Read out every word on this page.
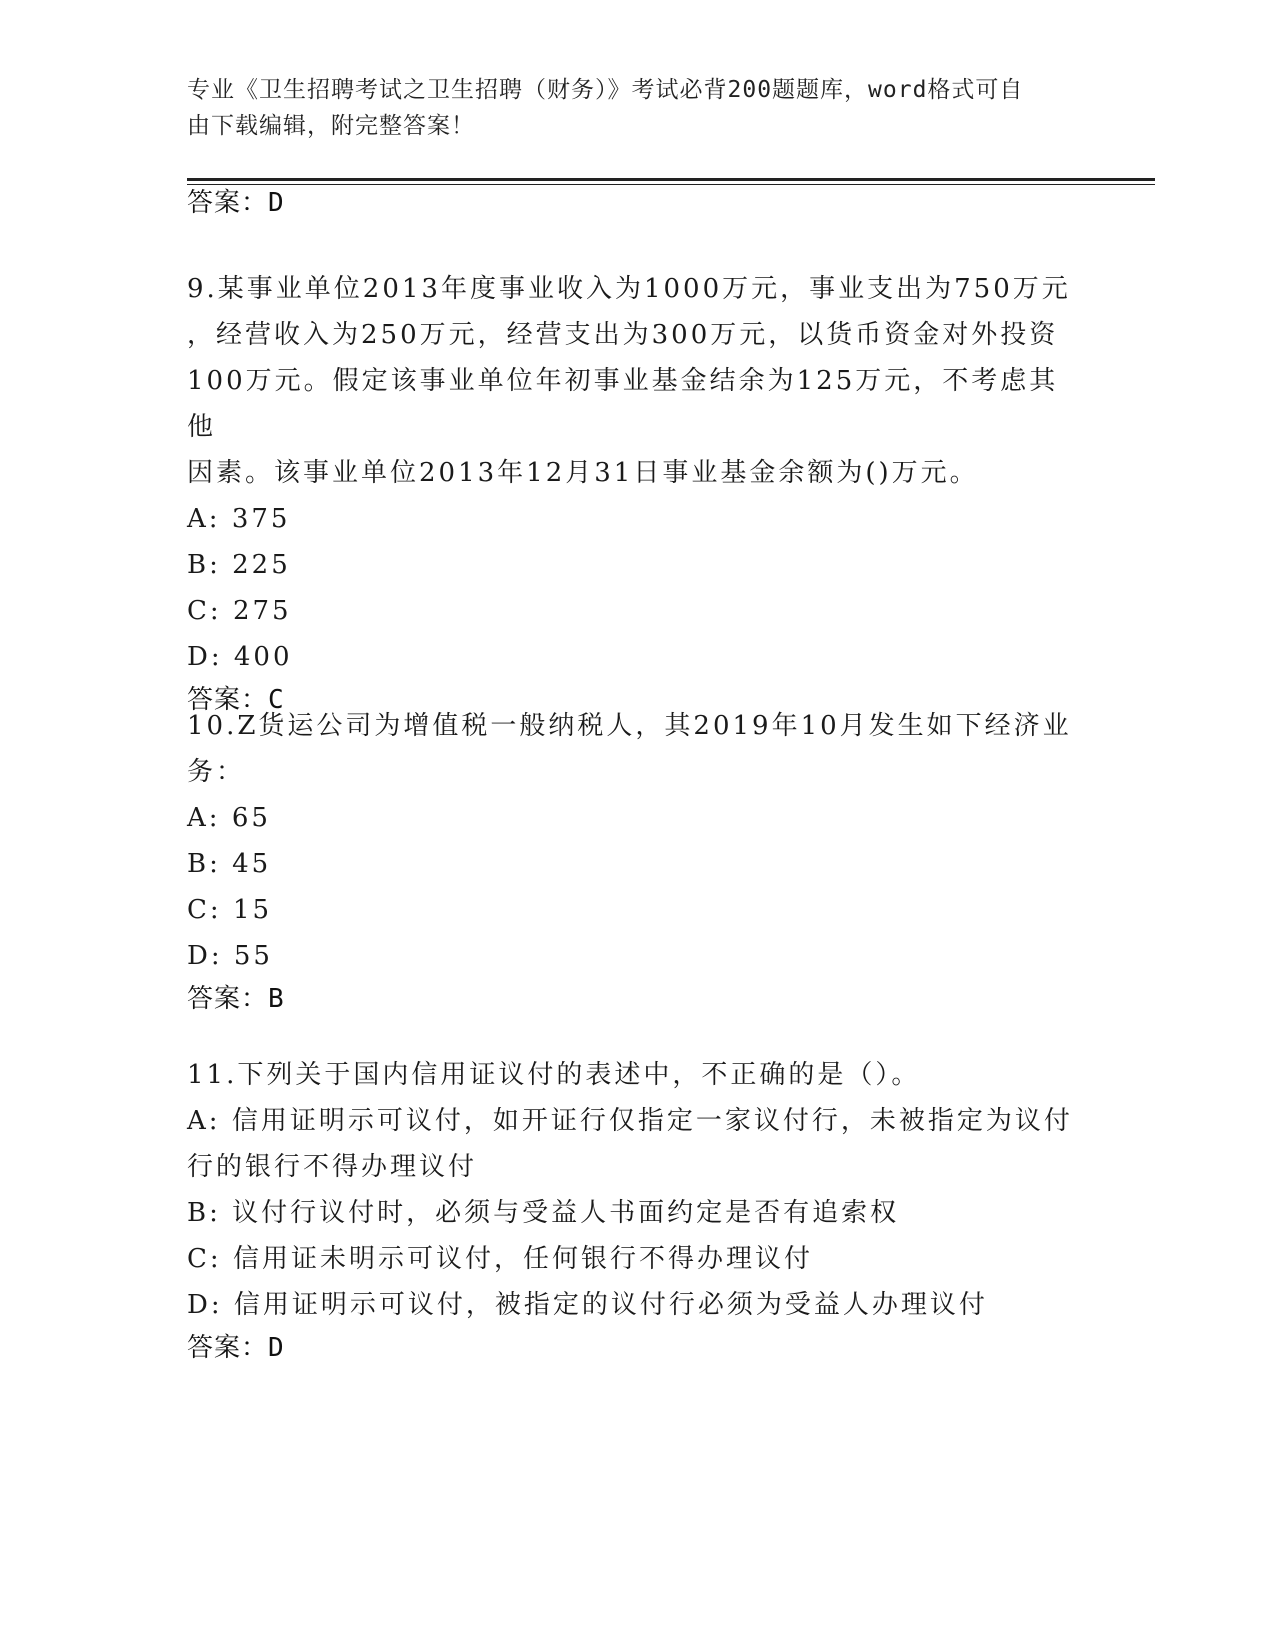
专业《卫生招聘考试之卫生招聘（财务）》考试必背200题题库，word格式可自
由下载编辑，附完整答案！
答案：D

9.某事业单位2013年度事业收入为1000万元，事业支出为750万元

，经营收入为250万元，经营支出为300万元，以货币资金对外投资

100万元。假定该事业单位年初事业基金结余为125万元，不考虑其他

因素。该事业单位2013年12月31日事业基金余额为()万元。

A: 375

B: 225

C: 275

D: 400

答案：C

10.Z货运公司为增值税一般纳税人，其2019年10月发生如下经济业

务：

A: 65

B: 45

C: 15

D: 55

答案：B

11.下列关于国内信用证议付的表述中，不正确的是（）。

A: 信用证明示可议付，如开证行仅指定一家议付行，未被指定为议付

行的银行不得办理议付

B: 议付行议付时，必须与受益人书面约定是否有追索权

C: 信用证未明示可议付，任何银行不得办理议付

D: 信用证明示可议付，被指定的议付行必须为受益人办理议付

答案：D
